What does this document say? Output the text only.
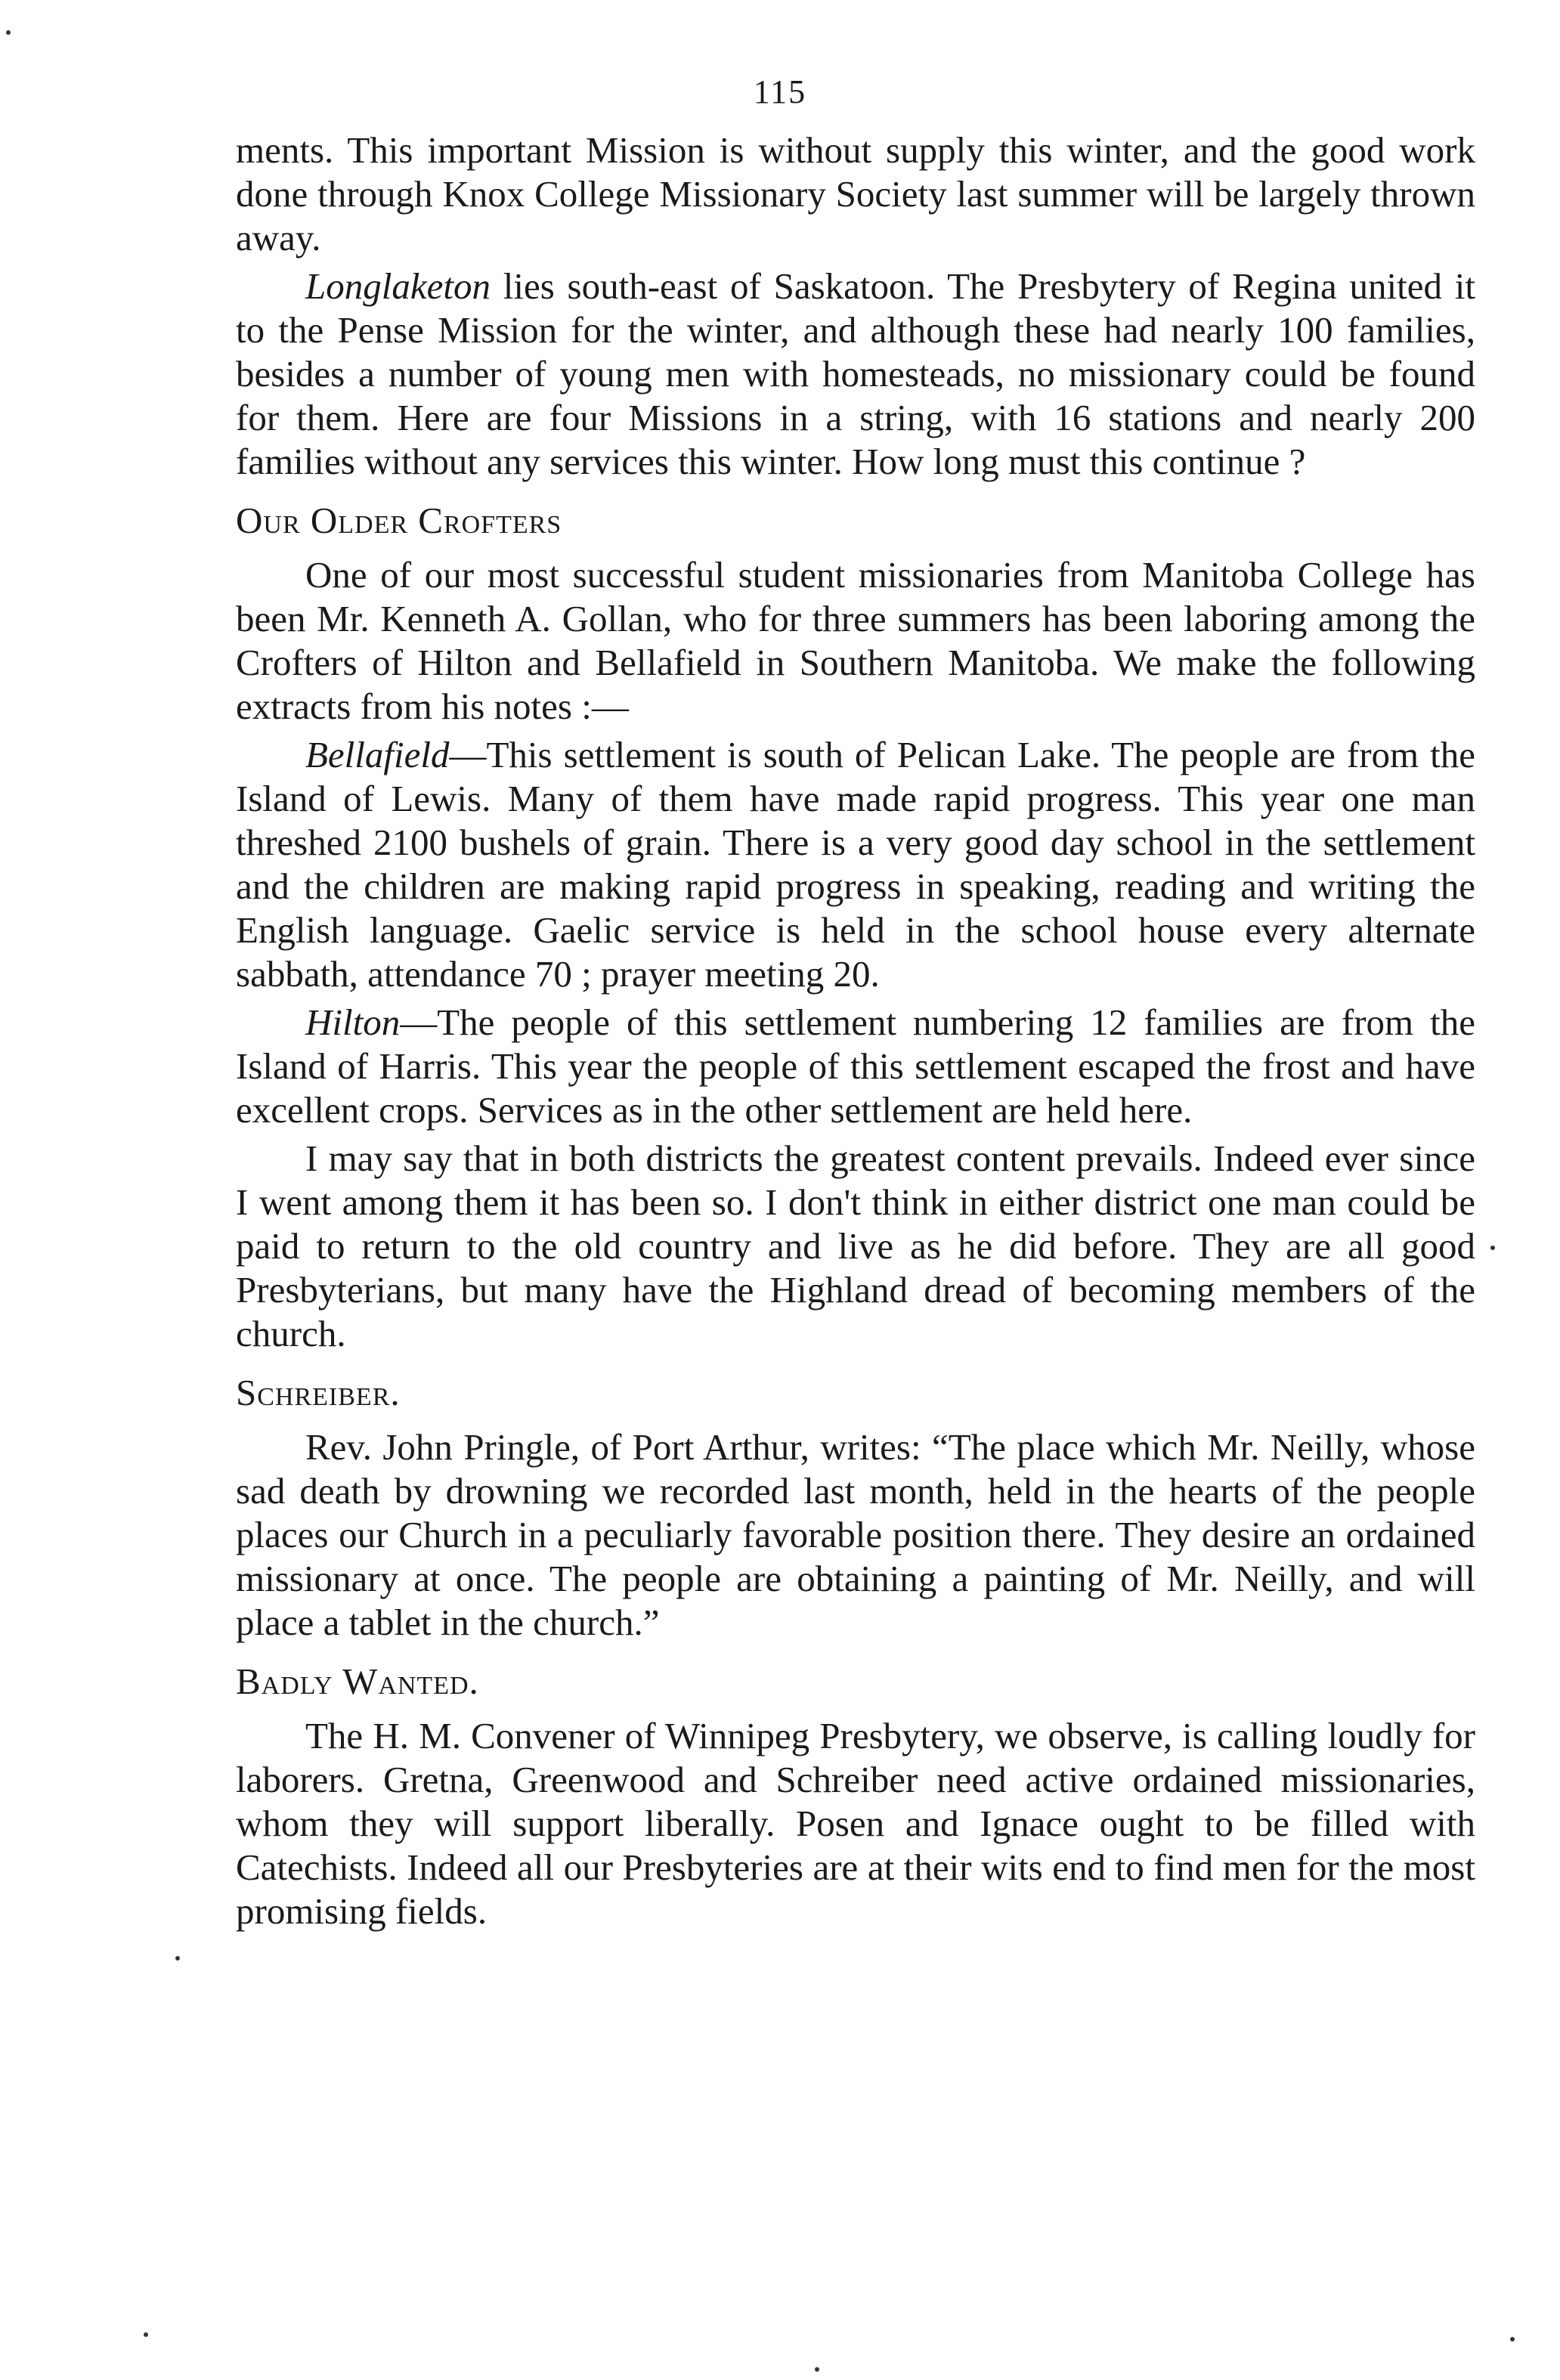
115

ments. This important Mission is without supply this winter, and the good work done through Knox College Missionary Society last summer will be largely thrown away.

Longlaketon lies south-east of Saskatoon. The Presbytery of Regina united it to the Pense Mission for the winter, and although these had nearly 100 families, besides a number of young men with homesteads, no missionary could be found for them. Here are four Missions in a string, with 16 stations and nearly 200 families without any services this winter. How long must this continue ?

Our Older Crofters

One of our most successful student missionaries from Manitoba College has been Mr. Kenneth A. Gollan, who for three summers has been laboring among the Crofters of Hilton and Bellafield in Southern Manitoba. We make the following extracts from his notes :—

Bellafield—This settlement is south of Pelican Lake. The people are from the Island of Lewis. Many of them have made rapid progress. This year one man threshed 2100 bushels of grain. There is a very good day school in the settlement and the children are making rapid progress in speaking, reading and writing the English language. Gaelic service is held in the school house every alternate sabbath, attendance 70 ; prayer meeting 20.

Hilton—The people of this settlement numbering 12 families are from the Island of Harris. This year the people of this settlement escaped the frost and have excellent crops. Services as in the other settlement are held here.

I may say that in both districts the greatest content prevails. Indeed ever since I went among them it has been so. I don't think in either district one man could be paid to return to the old country and live as he did before. They are all good Presbyterians, but many have the Highland dread of becoming members of the church.

Schreiber.

Rev. John Pringle, of Port Arthur, writes: “The place which Mr. Neilly, whose sad death by drowning we recorded last month, held in the hearts of the people places our Church in a peculiarly favorable position there. They desire an ordained missionary at once. The people are obtaining a painting of Mr. Neilly, and will place a tablet in the church.”

Badly Wanted.

The H. M. Convener of Winnipeg Presbytery, we observe, is calling loudly for laborers. Gretna, Greenwood and Schreiber need active ordained missionaries, whom they will support liberally. Posen and Ignace ought to be filled with Catechists. Indeed all our Presbyteries are at their wits end to find men for the most promising fields.
